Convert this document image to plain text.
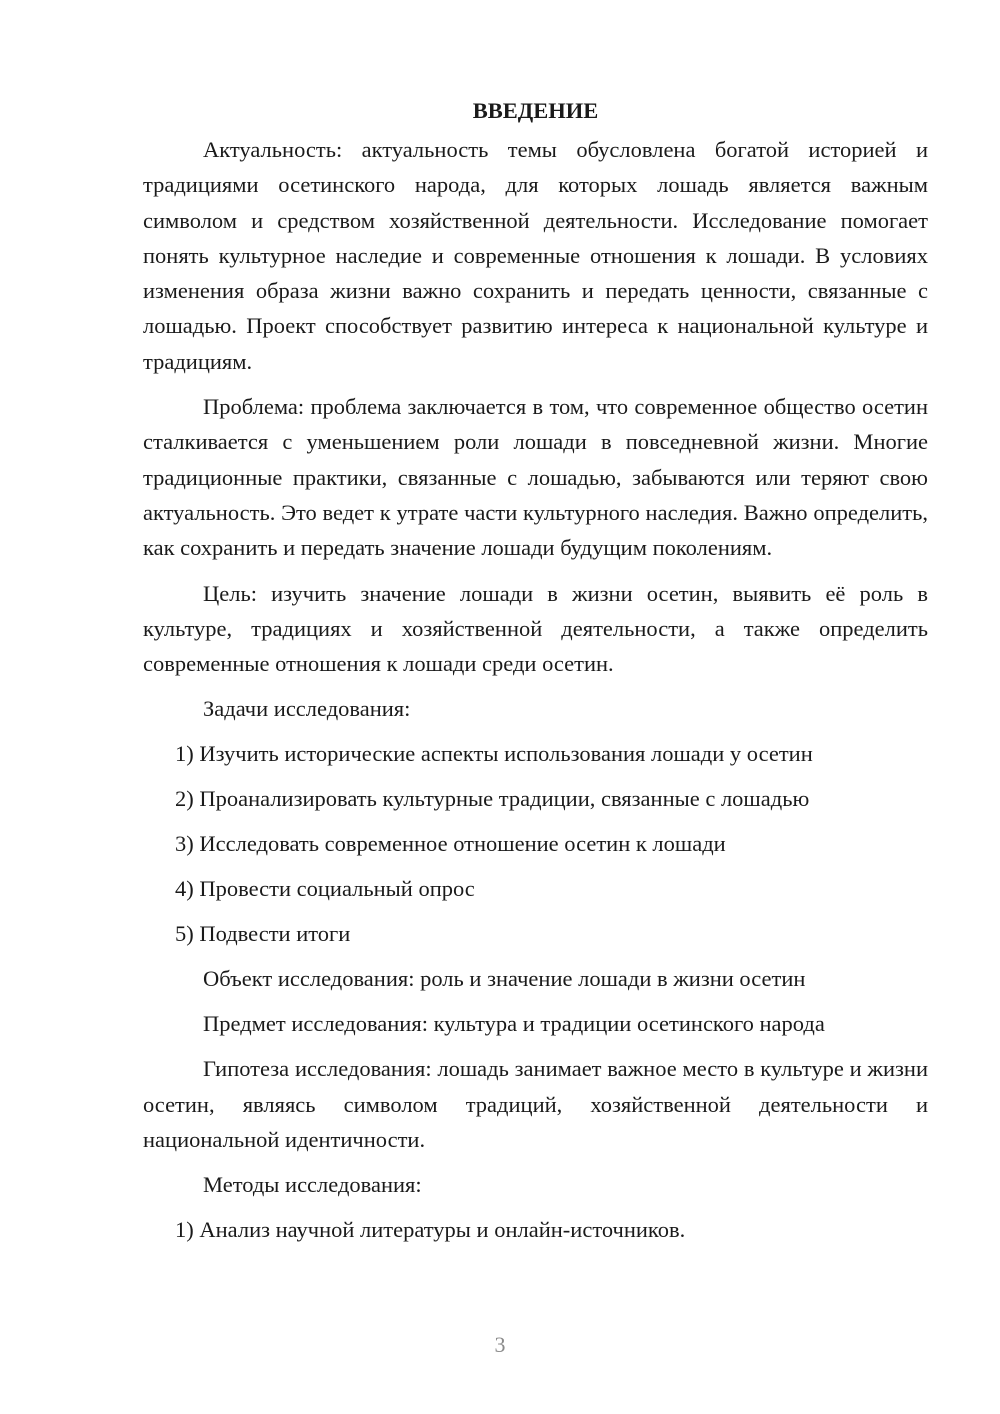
ВВЕДЕНИЕ

Актуальность: актуальность темы обусловлена богатой историей и традициями осетинского народа, для которых лошадь является важным символом и средством хозяйственной деятельности. Исследование помогает понять культурное наследие и современные отношения к лошади. В условиях изменения образа жизни важно сохранить и передать ценности, связанные с лошадью. Проект способствует развитию интереса к национальной культуре и традициям.

Проблема: проблема заключается в том, что современное общество осетин сталкивается с уменьшением роли лошади в повседневной жизни. Многие традиционные практики, связанные с лошадью, забываются или теряют свою актуальность. Это ведет к утрате части культурного наследия. Важно определить, как сохранить и передать значение лошади будущим поколениям.

Цель: изучить значение лошади в жизни осетин, выявить её роль в культуре, традициях и хозяйственной деятельности, а также определить современные отношения к лошади среди осетин.

Задачи исследования:

1) Изучить исторические аспекты использования лошади у осетин

2) Проанализировать культурные традиции, связанные с лошадью

3) Исследовать современное отношение осетин к лошади

4) Провести социальный опрос

5) Подвести итоги

Объект исследования: роль и значение лошади в жизни осетин

Предмет исследования: культура и традиции осетинского народа

Гипотеза исследования: лошадь занимает важное место в культуре и жизни осетин, являясь символом традиций, хозяйственной деятельности и национальной идентичности.

Методы исследования:

1) Анализ научной литературы и онлайн-источников.

3
